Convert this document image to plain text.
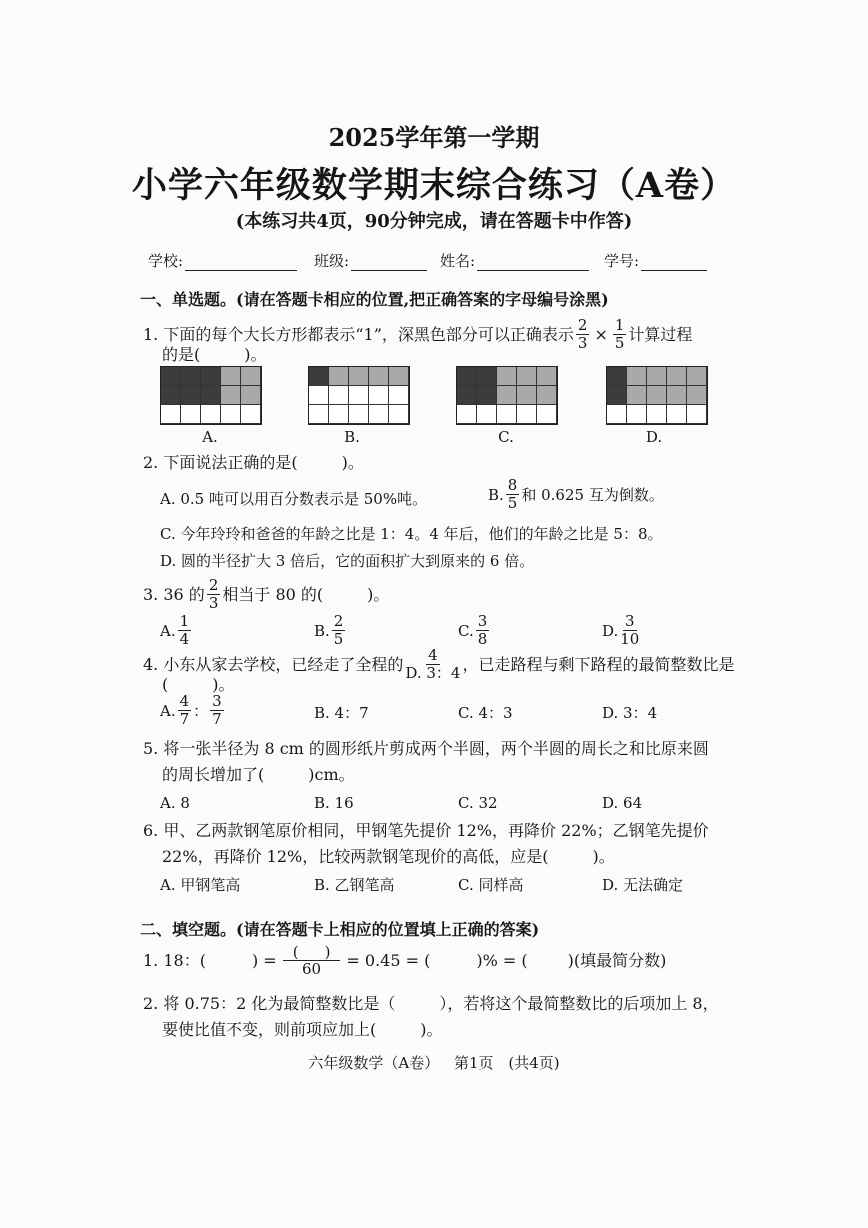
2025学年第一学期
小学六年级数学期末综合练习（A卷）
(本练习共4页，90分钟完成，请在答题卡中作答)
学校:	班级:	姓名:	学号:
一、单选题。(请在答题卡相应的位置,把正确答案的字母编号涂黑)
1. 下面的每个大长方形都表示“1”，深黑色部分可以正确表示 $\frac{2}{3} \times \frac{1}{5}$ 计算过程
的是(	)。
A.	B.	C.	D.
2. 下面说法正确的是(	)。
A. 0.5 吨可以用百分数表示是 50%吨。	B. $\frac{8}{5}$ 和 0.625 互为倒数。
C. 今年玲玲和爸爸的年龄之比是 1：4。4 年后，他们的年龄之比是 5：8。
D. 圆的半径扩大 3 倍后，它的面积扩大到原来的 6 倍。
3. 36 的 $\frac{2}{3}$ 相当于 80 的(	)。
A. $\frac{1}{4}$	B. $\frac{2}{5}$	C. $\frac{3}{8}$	D. $\frac{3}{10}$
4. 小东从家去学校，已经走了全程的 $\frac{4}{D. 3:4}$ ，已走路程与剩下路程的最简整数比是
(	)。
A. $\frac{4}{7}$ ： $\frac{3}{7}$	B. 4：7	C. 4：3	D. 3：4
5. 将一张半径为 8 cm 的圆形纸片剪成两个半圆，两个半圆的周长之和比原来圆
的周长增加了(	)cm。
A. 8	B. 16	C. 32	D. 64
6. 甲、乙两款钢笔原价相同，甲钢笔先提价 12%，再降价 22%；乙钢笔先提价
22%，再降价 12%，比较两款钢笔现价的高低，应是(	)。
A. 甲钢笔高	B. 乙钢笔高	C. 同样高	D. 无法确定
二、填空题。(请在答题卡上相应的位置填上正确的答案)
1. 18：(	) = $\frac{( )}{60} = 0.45$ = (	)% = (	)(填最简分数)
2. 将 0.75：2 化为最简整数比是（	），若将这个最简整数比的后项加上 8，
要使比值不变，则前项应加上(	)。
六年级数学（A卷） 第1页 (共4页)
